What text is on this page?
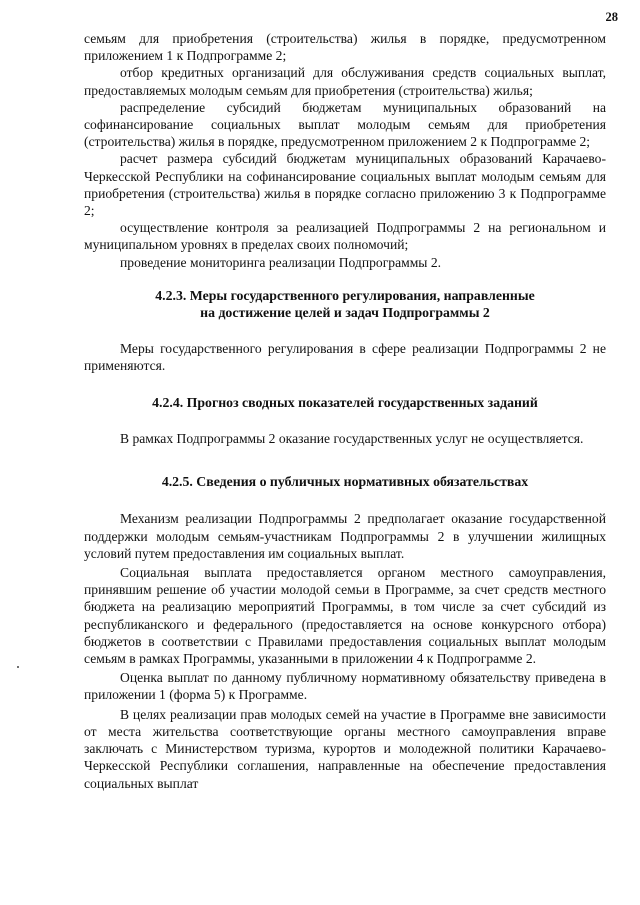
28

семьям для приобретения (строительства) жилья в порядке, предусмотренном приложением 1 к Подпрограмме 2;

отбор кредитных организаций для обслуживания средств социальных выплат, предоставляемых молодым семьям для приобретения (строительства) жилья;

распределение субсидий бюджетам муниципальных образований на софинансирование социальных выплат молодым семьям для приобретения (строительства) жилья в порядке, предусмотренном приложением 2 к Подпрограмме 2;

расчет размера субсидий бюджетам муниципальных образований Карачаево-Черкесской Республики на софинансирование социальных выплат молодым семьям для приобретения (строительства) жилья в порядке согласно приложению 3 к Подпрограмме 2;

осуществление контроля за реализацией Подпрограммы 2 на региональном и муниципальном уровнях в пределах своих полномочий;

проведение мониторинга реализации Подпрограммы 2.

4.2.3. Меры государственного регулирования, направленные
на достижение целей и задач Подпрограммы 2

Меры государственного регулирования в сфере реализации Подпрограммы 2 не применяются.

4.2.4. Прогноз сводных показателей государственных заданий

В рамках Подпрограммы 2 оказание государственных услуг не осуществляется.

4.2.5. Сведения о публичных нормативных обязательствах

Механизм реализации Подпрограммы 2 предполагает оказание государственной поддержки молодым семьям-участникам Подпрограммы 2 в улучшении жилищных условий путем предоставления им социальных выплат.

Социальная выплата предоставляется органом местного самоуправления, принявшим решение об участии молодой семьи в Программе, за счет средств местного бюджета на реализацию мероприятий Программы, в том числе за счет субсидий из республиканского и федерального (предоставляется на основе конкурсного отбора) бюджетов в соответствии с Правилами предоставления социальных выплат молодым семьям в рамках Программы, указанными в приложении 4 к Подпрограмме 2.

Оценка выплат по данному публичному нормативному обязательству приведена в приложении 1 (форма 5) к Программе.

В целях реализации прав молодых семей на участие в Программе вне зависимости от места жительства соответствующие органы местного самоуправления вправе заключать с Министерством туризма, курортов и молодежной политики Карачаево-Черкесской Республики соглашения, направленные на обеспечение предоставления социальных выплат
